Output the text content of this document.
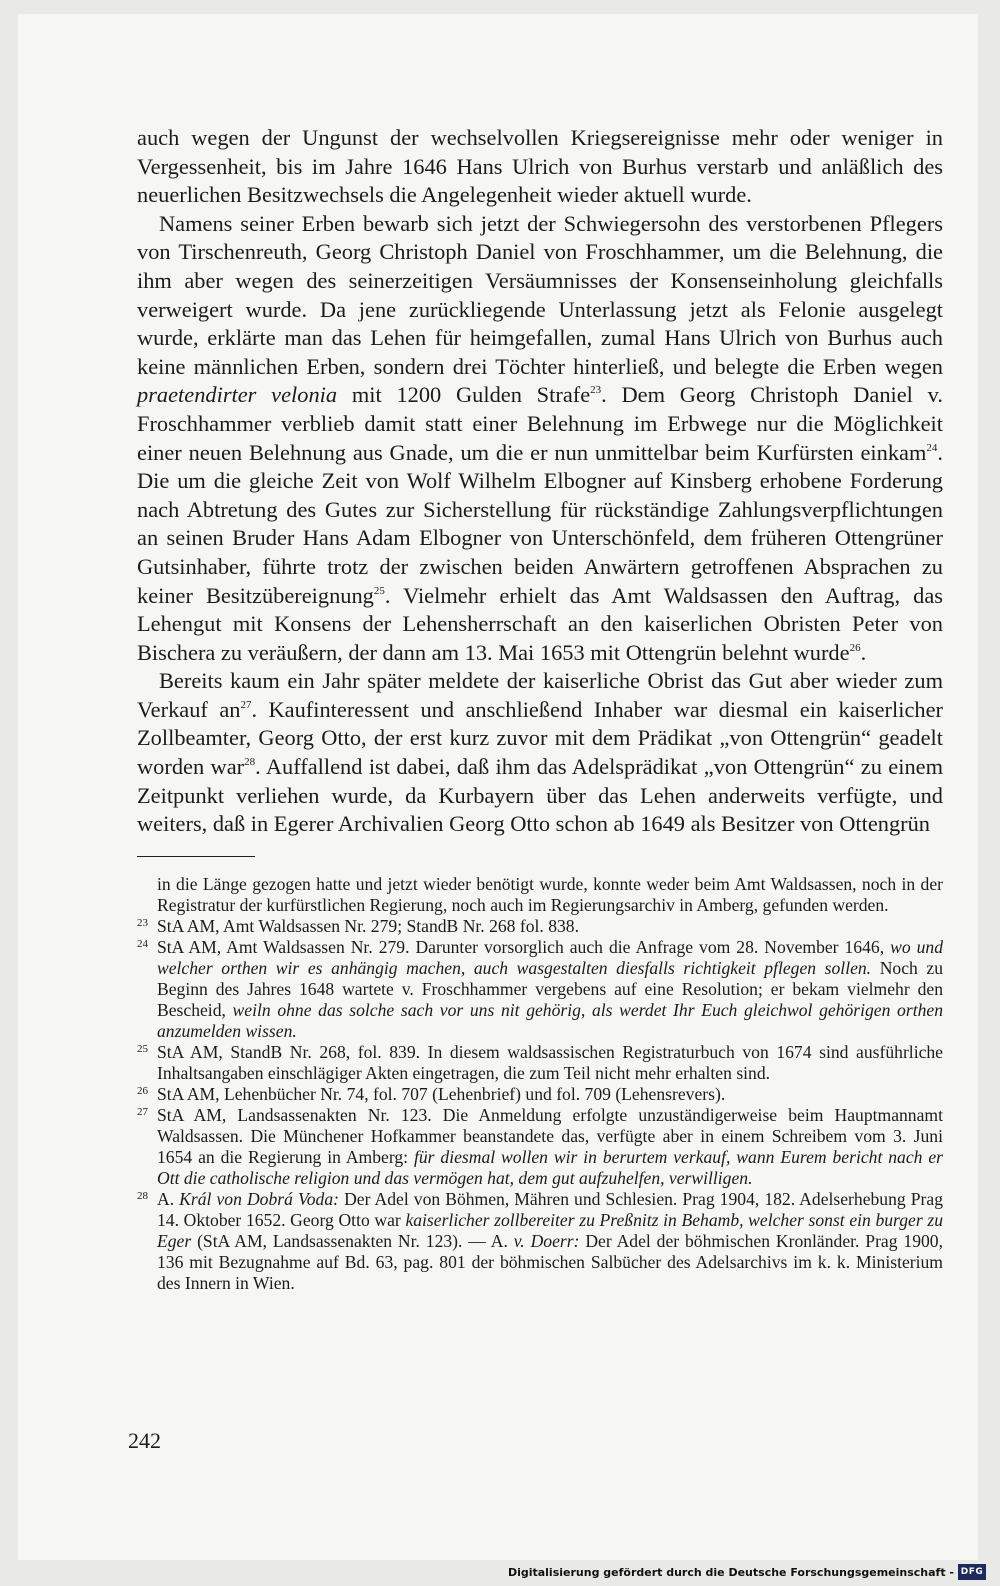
auch wegen der Ungunst der wechselvollen Kriegsereignisse mehr oder weniger in Vergessenheit, bis im Jahre 1646 Hans Ulrich von Burhus verstarb und anläßlich des neuerlichen Besitzwechsels die Angelegenheit wieder aktuell wurde.

Namens seiner Erben bewarb sich jetzt der Schwiegersohn des verstorbenen Pflegers von Tirschenreuth, Georg Christoph Daniel von Froschhammer, um die Belehnung, die ihm aber wegen des seinerzeitigen Versäumnisses der Konsenseinholung gleichfalls verweigert wurde. Da jene zurückliegende Unterlassung jetzt als Felonie ausgelegt wurde, erklärte man das Lehen für heimgefallen, zumal Hans Ulrich von Burhus auch keine männlichen Erben, sondern drei Töchter hinterließ, und belegte die Erben wegen praetendirter velonia mit 1200 Gulden Strafe$^{23}$. Dem Georg Christoph Daniel v. Froschhammer verblieb damit statt einer Belehnung im Erbwege nur die Möglichkeit einer neuen Belehnung aus Gnade, um die er nun unmittelbar beim Kurfürsten einkam$^{24}$. Die um die gleiche Zeit von Wolf Wilhelm Elbogner auf Kinsberg erhobene Forderung nach Abtretung des Gutes zur Sicherstellung für rückständige Zahlungsverpflichtungen an seinen Bruder Hans Adam Elbogner von Unterschönfeld, dem früheren Ottengrüner Gutsinhaber, führte trotz der zwischen beiden Anwärtern getroffenen Absprachen zu keiner Besitzübereignung$^{25}$. Vielmehr erhielt das Amt Waldsassen den Auftrag, das Lehengut mit Konsens der Lehensherrschaft an den kaiserlichen Obristen Peter von Bischera zu veräußern, der dann am 13. Mai 1653 mit Ottengrün belehnt wurde$^{26}$.

Bereits kaum ein Jahr später meldete der kaiserliche Obrist das Gut aber wieder zum Verkauf $an^{27}$. Kaufinteressent und anschließend Inhaber war diesmal ein kaiserlicher Zollbeamter, Georg Otto, der erst kurz zuvor mit dem Prädikat „von Ottengrün“ geadelt worden war$^{28}$. Auffallend ist dabei, daß ihm das Adelsprädikat „von Ottengrün“ zu einem Zeitpunkt verliehen wurde, da Kurbayern über das Lehen anderweits verfügte, und weiters, daß in Egerer Archivalien Georg Otto schon ab 1649 als Besitzer von Ottengrün

in die Länge gezogen hatte und jetzt wieder benötigt wurde, konnte weder beim Amt Waldsassen, noch in der Registratur der kurfürstlichen Regierung, noch auch im Regierungsarchiv in Amberg, gefunden werden.
23 StA AM, Amt Waldsassen Nr. 279; StandB Nr. 268 fol. 838.
24 StA AM, Amt Waldsassen Nr. 279. Darunter vorsorglich auch die Anfrage vom 28. November 1646, wo und welcher orthen wir es anhängig machen, auch wasgestalten diesfalls richtigkeit pflegen sollen. Noch zu Beginn des Jahres 1648 wartete v. Froschhammer vergebens auf eine Resolution; er bekam vielmehr den Bescheid, weiln ohne das solche sach vor uns nit gehörig, als werdet Ihr Euch gleichwol gehörigen orthen anzumelden wissen.
25 StA AM, StandB Nr. 268, fol. 839. In diesem waldsassischen Registraturbuch von 1674 sind ausführliche Inhaltsangaben einschlägiger Akten eingetragen, die zum Teil nicht mehr erhalten sind.
26 StA AM, Lehenbücher Nr. 74, fol. 707 (Lehenbrief) und fol. 709 (Lehensrevers).
27 StA AM, Landsassenakten Nr. 123. Die Anmeldung erfolgte unzuständigerweise beim Hauptmannamt Waldsassen. Die Münchener Hofkammer beanstandete das, verfügte aber in einem Schreibem vom 3. Juni 1654 an die Regierung in Amberg: für diesmal wollen wir in berurtem verkauf, wann Eurem bericht nach er Ott die catholische religion und das vermögen hat, dem gut aufzuhelfen, verwilligen.
28 A. Král von Dobrá Voda: Der Adel von Böhmen, Mähren und Schlesien. Prag 1904, 182. Adelserhebung Prag 14. Oktober 1652. Georg Otto war kaiserlicher zollbereiter zu Preßnitz in Behamb, welcher sonst ein burger zu Eger (StA AM, Landsassenakten Nr. 123). — A. v. Doerr: Der Adel der böhmischen Kronländer. Prag 1900, 136 mit Bezugnahme auf Bd. 63, pag. 801 der böhmischen Salbücher des Adelsarchivs im k. k. Ministerium des Innern in Wien.
242
Digitalisierung gefördert durch die Deutsche Forschungsgemeinschaft - DFG
